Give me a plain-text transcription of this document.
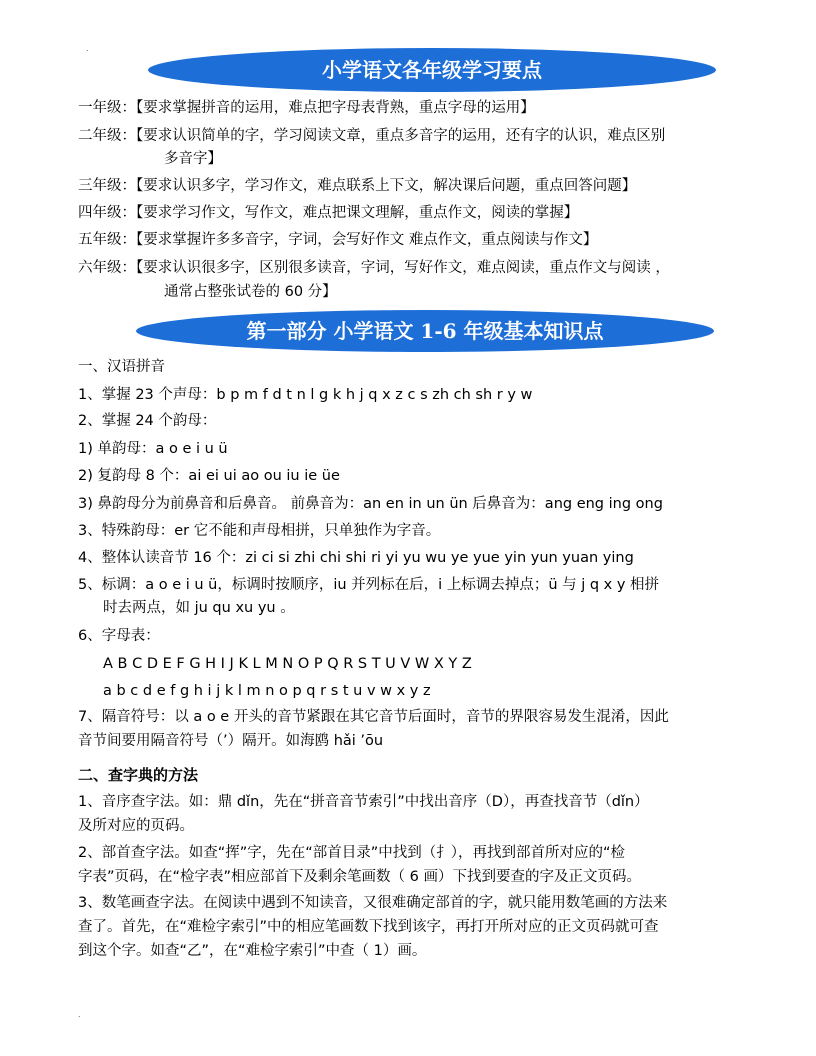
.
小学语文各年级学习要点
一年级：【要求掌握拼音的运用，难点把字母表背熟，重点字母的运用】
二年级：【要求认识简单的字，学习阅读文章，重点多音字的运用，还有字的认识，难点区别
多音字】
三年级：【要求认识多字，学习作文，难点联系上下文，解决课后问题，重点回答问题】
四年级：【要求学习作文，写作文，难点把课文理解，重点作文，阅读的掌握】
五年级：【要求掌握许多多音字，字词，会写好作文 难点作文，重点阅读与作文】
六年级：【要求认识很多字，区别很多读音，字词，写好作文，难点阅读，重点作文与阅读 ，
通常占整张试卷的 60 分】
第一部分 小学语文 1-6 年级基本知识点
一、汉语拼音
1、掌握 23 个声母：b p m f d t n l g k h j q x z c s zh ch sh r y w
2、掌握 24 个韵母：
1) 单韵母：a o e i u ü
2) 复韵母 8 个：ai ei ui ao ou iu ie üe
3) 鼻韵母分为前鼻音和后鼻音。 前鼻音为：an en in un ün 后鼻音为：ang eng ing ong
3、特殊韵母：er 它不能和声母相拼，只单独作为字音。
4、整体认读音节 16 个：zi ci si zhi chi shi ri yi yu wu ye yue yin yun yuan ying
5、标调：a o e i u ü，标调时按顺序，iu 并列标在后，i 上标调去掉点；ü 与 j q x y 相拼
时去两点，如 ju qu xu yu 。
6、字母表：
A B C D E F G H I J K L M N O P Q R S T U V W X Y Z
a b c d e f g h i j k l m n o p q r s t u v w x y z
7、隔音符号：以 a o e 开头的音节紧跟在其它音节后面时，音节的界限容易发生混淆，因此
音节间要用隔音符号（’）隔开。如海鸥 hǎi ’ōu
二、查字典的方法
1、音序查字法。如：鼎 dǐn，先在“拼音音节索引”中找出音序（D），再查找音节（dǐn）
及所对应的页码。
2、部首查字法。如查“挥”字，先在“部首目录”中找到（扌），再找到部首所对应的“检
字表”页码，在“检字表”相应部首下及剩余笔画数（ 6 画）下找到要查的字及正文页码。
3、数笔画查字法。在阅读中遇到不知读音，又很难确定部首的字，就只能用数笔画的方法来
查了。首先，在“难检字索引”中的相应笔画数下找到该字，再打开所对应的正文页码就可查
到这个字。如查“乙”，在“难检字索引”中查（ 1）画。
.
